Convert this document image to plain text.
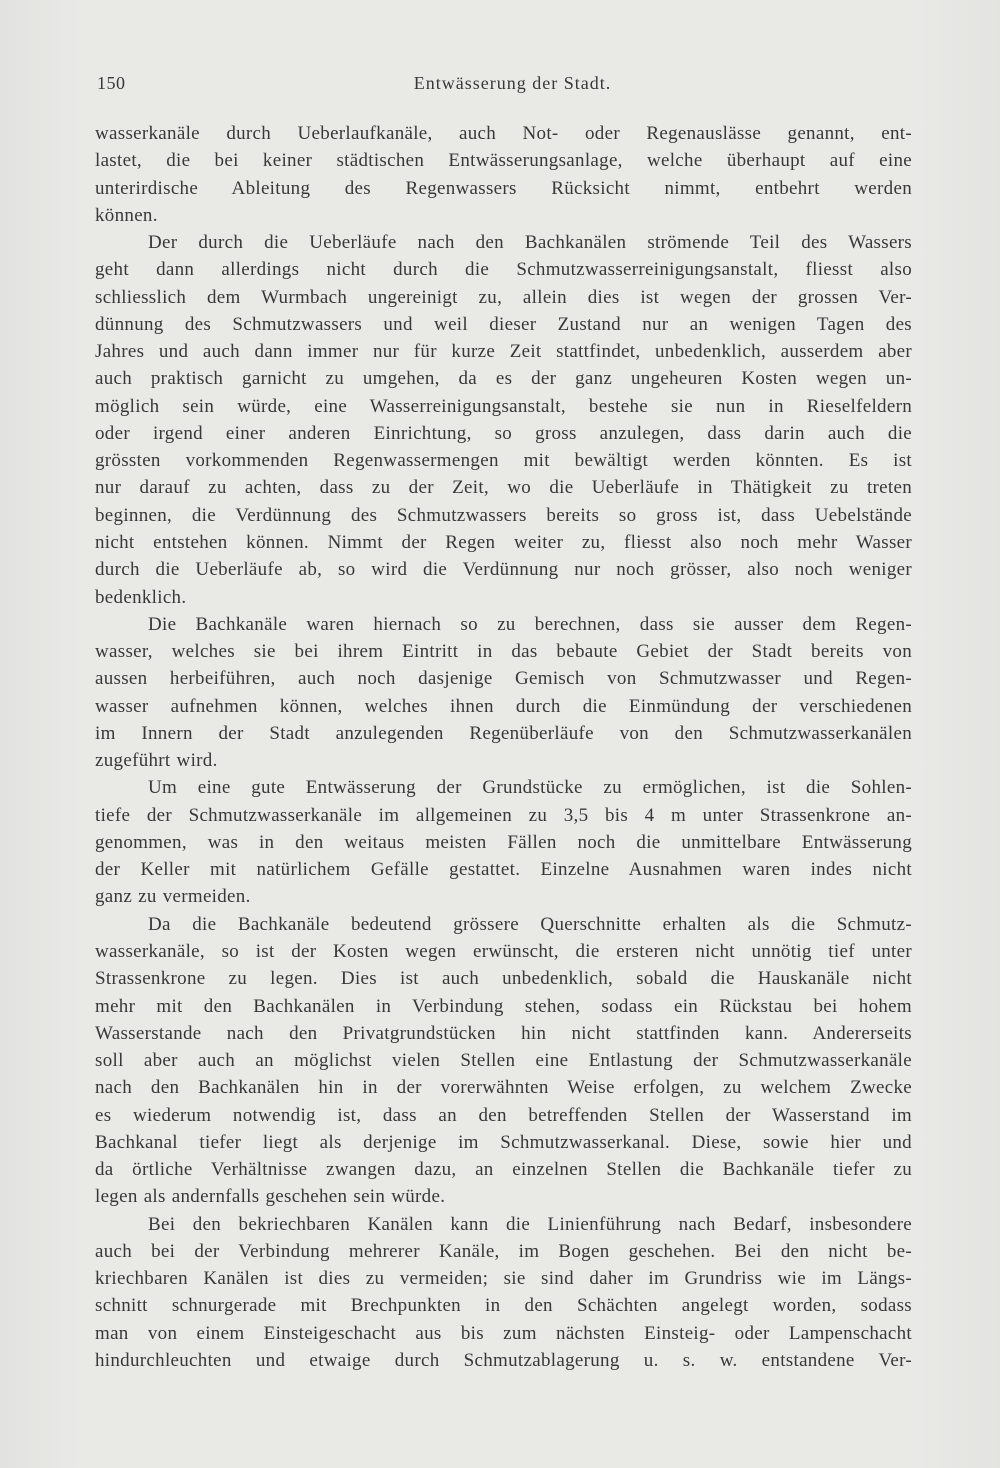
150	Entwässerung der Stadt.
wasserkanäle durch Ueberlaufkanäle, auch Not- oder Regenauslässe genannt, ent-
lastet, die bei keiner städtischen Entwässerungsanlage, welche überhaupt auf eine
unterirdische Ableitung des Regenwassers Rücksicht nimmt, entbehrt werden
können.
Der durch die Ueberläufe nach den Bachkanälen strömende Teil des Wassers
geht dann allerdings nicht durch die Schmutzwasserreinigungsanstalt, fliesst also
schliesslich dem Wurmbach ungereinigt zu, allein dies ist wegen der grossen Ver-
dünnung des Schmutzwassers und weil dieser Zustand nur an wenigen Tagen des
Jahres und auch dann immer nur für kurze Zeit stattfindet, unbedenklich, ausserdem aber
auch praktisch garnicht zu umgehen, da es der ganz ungeheuren Kosten wegen un-
möglich sein würde, eine Wasserreinigungsanstalt, bestehe sie nun in Rieselfeldern
oder irgend einer anderen Einrichtung, so gross anzulegen, dass darin auch die
grössten vorkommenden Regenwassermengen mit bewältigt werden könnten. Es ist
nur darauf zu achten, dass zu der Zeit, wo die Ueberläufe in Thätigkeit zu treten
beginnen, die Verdünnung des Schmutzwassers bereits so gross ist, dass Uebelstände
nicht entstehen können. Nimmt der Regen weiter zu, fliesst also noch mehr Wasser
durch die Ueberläufe ab, so wird die Verdünnung nur noch grösser, also noch weniger
bedenklich.
Die Bachkanäle waren hiernach so zu berechnen, dass sie ausser dem Regen-
wasser, welches sie bei ihrem Eintritt in das bebaute Gebiet der Stadt bereits von
aussen herbeiführen, auch noch dasjenige Gemisch von Schmutzwasser und Regen-
wasser aufnehmen können, welches ihnen durch die Einmündung der verschiedenen
im Innern der Stadt anzulegenden Regenüberläufe von den Schmutzwasserkanälen
zugeführt wird.
Um eine gute Entwässerung der Grundstücke zu ermöglichen, ist die Sohlen-
tiefe der Schmutzwasserkanäle im allgemeinen zu 3,5 bis 4 m unter Strassenkrone an-
genommen, was in den weitaus meisten Fällen noch die unmittelbare Entwässerung
der Keller mit natürlichem Gefälle gestattet. Einzelne Ausnahmen waren indes nicht
ganz zu vermeiden.
Da die Bachkanäle bedeutend grössere Querschnitte erhalten als die Schmutz-
wasserkanäle, so ist der Kosten wegen erwünscht, die ersteren nicht unnötig tief unter
Strassenkrone zu legen. Dies ist auch unbedenklich, sobald die Hauskanäle nicht
mehr mit den Bachkanälen in Verbindung stehen, sodass ein Rückstau bei hohem
Wasserstande nach den Privatgrundstücken hin nicht stattfinden kann. Andererseits
soll aber auch an möglichst vielen Stellen eine Entlastung der Schmutzwasserkanäle
nach den Bachkanälen hin in der vorerwähnten Weise erfolgen, zu welchem Zwecke
es wiederum notwendig ist, dass an den betreffenden Stellen der Wasserstand im
Bachkanal tiefer liegt als derjenige im Schmutzwasserkanal. Diese, sowie hier und
da örtliche Verhältnisse zwangen dazu, an einzelnen Stellen die Bachkanäle tiefer zu
legen als andernfalls geschehen sein würde.
Bei den bekriechbaren Kanälen kann die Linienführung nach Bedarf, insbesondere
auch bei der Verbindung mehrerer Kanäle, im Bogen geschehen. Bei den nicht be-
kriechbaren Kanälen ist dies zu vermeiden; sie sind daher im Grundriss wie im Längs-
schnitt schnurgerade mit Brechpunkten in den Schächten angelegt worden, sodass
man von einem Einsteigeschacht aus bis zum nächsten Einsteig- oder Lampenschacht
hindurchleuchten und etwaige durch Schmutzablagerung u. s. w. entstandene Ver-
